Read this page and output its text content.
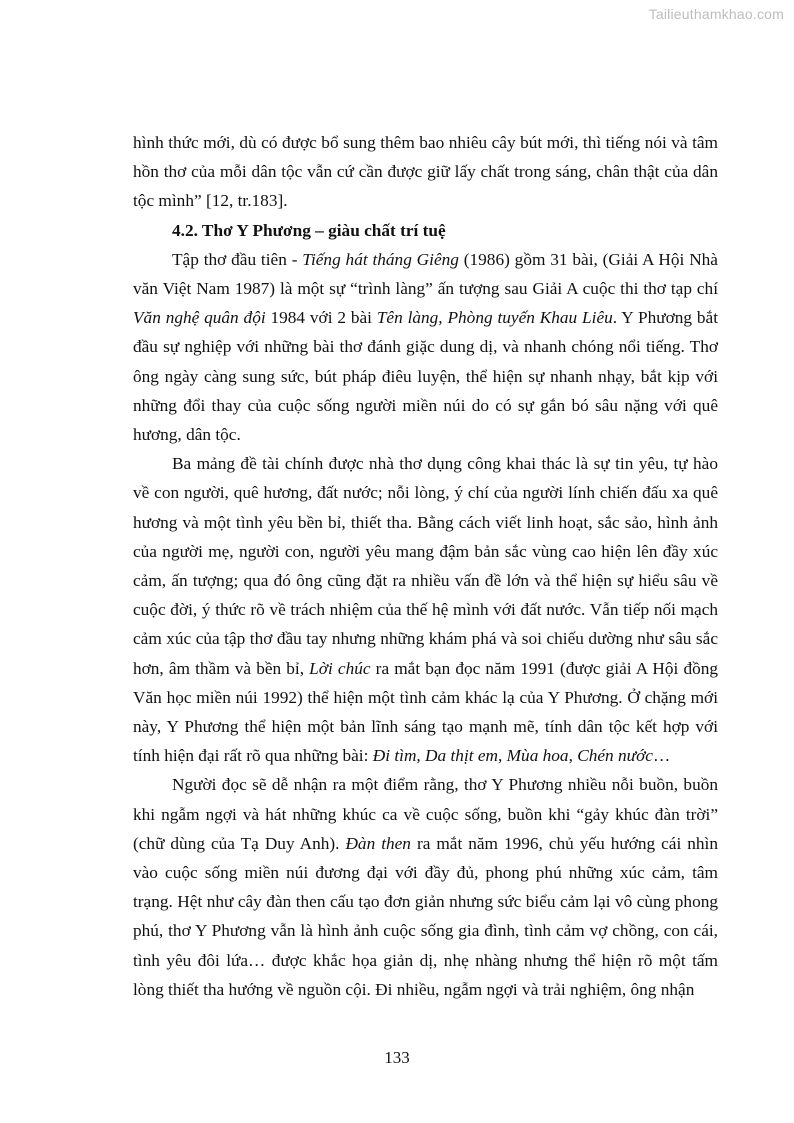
Tailieuthamkhao.com

hình thức mới, dù có được bổ sung thêm bao nhiêu cây bút mới, thì tiếng nói và tâm hồn thơ của mỗi dân tộc vẫn cứ cần được giữ lấy chất trong sáng, chân thật của dân tộc mình” [12, tr.183].

4.2. Thơ Y Phương – giàu chất trí tuệ

Tập thơ đầu tiên - Tiếng hát tháng Giêng (1986) gồm 31 bài, (Giải A Hội Nhà văn Việt Nam 1987) là một sự “trình làng” ấn tượng sau Giải A cuộc thi thơ tạp chí Văn nghệ quân đội 1984 với 2 bài Tên làng, Phòng tuyến Khau Liêu. Y Phương bắt đầu sự nghiệp với những bài thơ đánh giặc dung dị, và nhanh chóng nổi tiếng. Thơ ông ngày càng sung sức, bút pháp điêu luyện, thể hiện sự nhanh nhạy, bắt kịp với những đổi thay của cuộc sống người miền núi do có sự gắn bó sâu nặng với quê hương, dân tộc.

Ba mảng đề tài chính được nhà thơ dụng công khai thác là sự tin yêu, tự hào về con người, quê hương, đất nước; nỗi lòng, ý chí của người lính chiến đấu xa quê hương và một tình yêu bền bỉ, thiết tha. Bằng cách viết linh hoạt, sắc sảo, hình ảnh của người mẹ, người con, người yêu mang đậm bản sắc vùng cao hiện lên đầy xúc cảm, ấn tượng; qua đó ông cũng đặt ra nhiều vấn đề lớn và thể hiện sự hiểu sâu về cuộc đời, ý thức rõ về trách nhiệm của thế hệ mình với đất nước. Vẫn tiếp nối mạch cảm xúc của tập thơ đầu tay nhưng những khám phá và soi chiếu dường như sâu sắc hơn, âm thầm và bền bỉ, Lời chúc ra mắt bạn đọc năm 1991 (được giải A Hội đồng Văn học miền núi 1992) thể hiện một tình cảm khác lạ của Y Phương. Ở chặng mới này, Y Phương thể hiện một bản lĩnh sáng tạo mạnh mẽ, tính dân tộc kết hợp với tính hiện đại rất rõ qua những bài: Đi tìm, Da thịt em, Mùa hoa, Chén nước…

Người đọc sẽ dễ nhận ra một điểm rằng, thơ Y Phương nhiều nỗi buồn, buồn khi ngẫm ngợi và hát những khúc ca về cuộc sống, buồn khi “gảy khúc đàn trời” (chữ dùng của Tạ Duy Anh). Đàn then ra mắt năm 1996, chủ yếu hướng cái nhìn vào cuộc sống miền núi đương đại với đầy đủ, phong phú những xúc cảm, tâm trạng. Hệt như cây đàn then cấu tạo đơn giản nhưng sức biểu cảm lại vô cùng phong phú, thơ Y Phương vẫn là hình ảnh cuộc sống gia đình, tình cảm vợ chồng, con cái, tình yêu đôi lứa… được khắc họa giản dị, nhẹ nhàng nhưng thể hiện rõ một tấm lòng thiết tha hướng về nguồn cội. Đi nhiều, ngẫm ngợi và trải nghiệm, ông nhận

133
